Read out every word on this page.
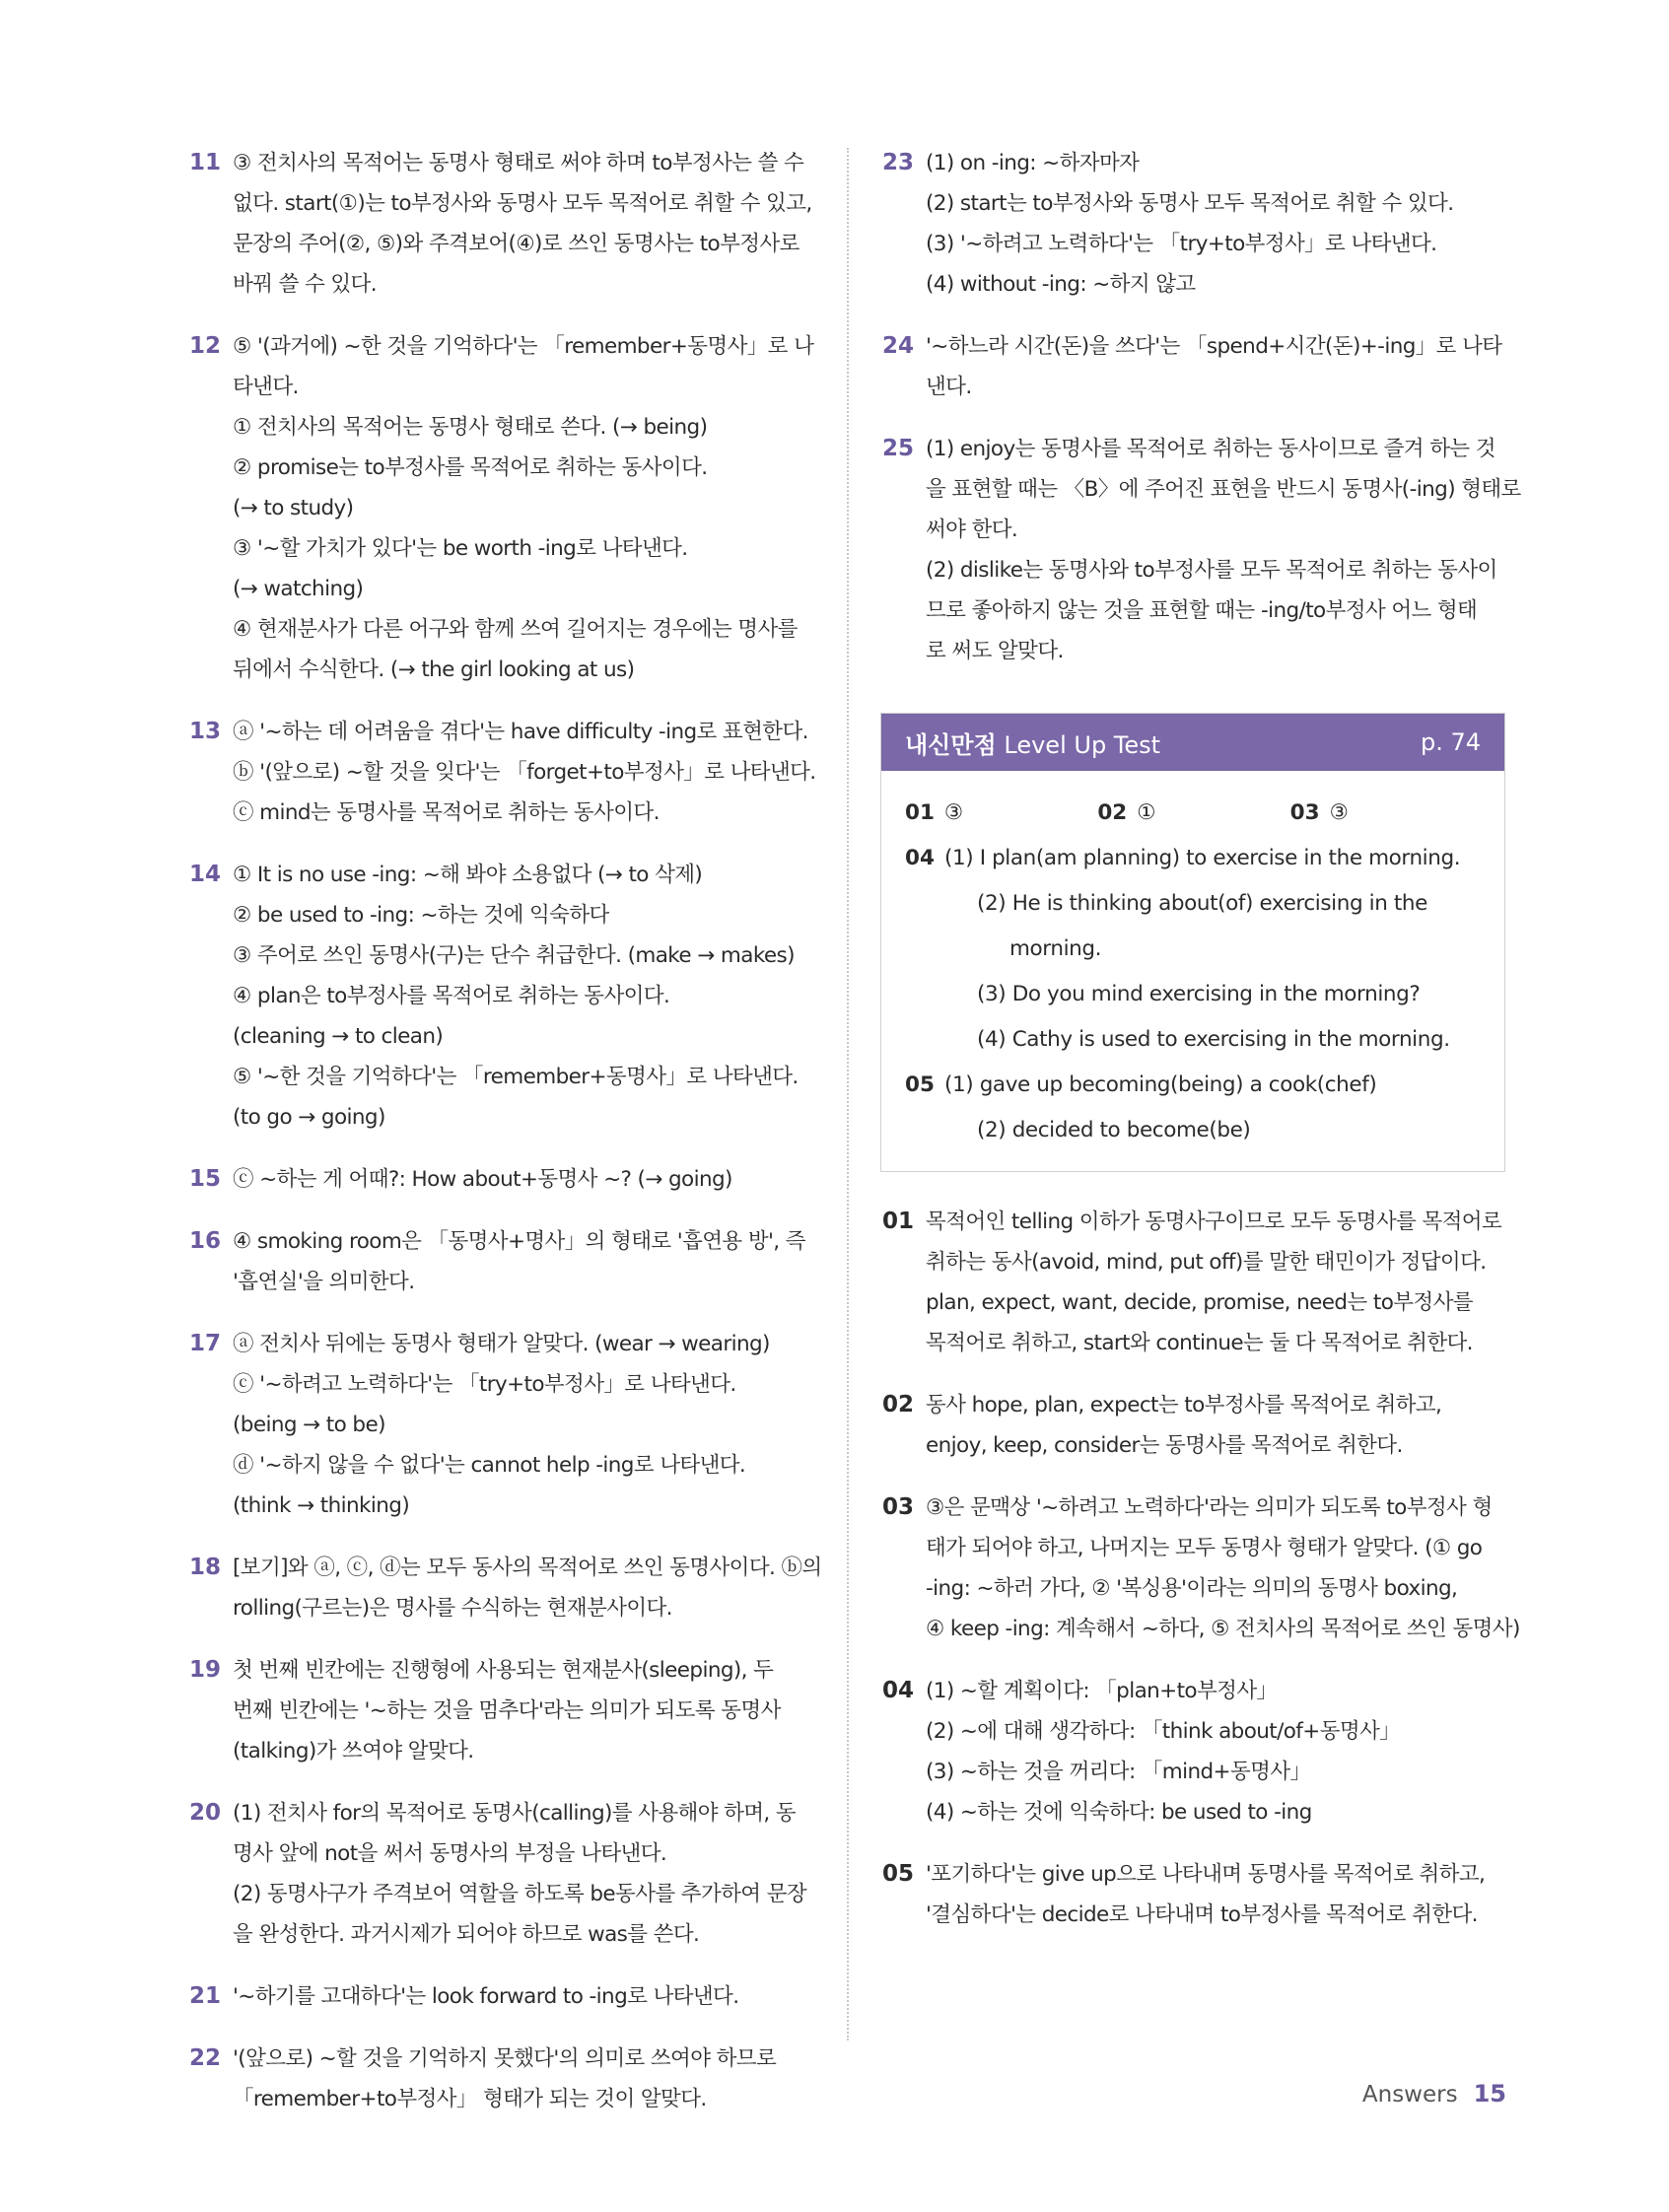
11 ③ 전치사의 목적어는 동명사 형태로 써야 하며 to부정사는 쓸 수
없다. start(①)는 to부정사와 동명사 모두 목적어로 취할 수 있고,
문장의 주어(②, ⑤)와 주격보어(④)로 쓰인 동명사는 to부정사로
바꿔 쓸 수 있다.
12 ⑤ '(과거에) ~한 것을 기억하다'는 「remember+동명사」로 나
타낸다.
① 전치사의 목적어는 동명사 형태로 쓴다. (→ being)
② promise는 to부정사를 목적어로 취하는 동사이다.
(→ to study)
③ '~할 가치가 있다'는 be worth -ing로 나타낸다.
(→ watching)
④ 현재분사가 다른 어구와 함께 쓰여 길어지는 경우에는 명사를
뒤에서 수식한다. (→ the girl looking at us)
13 ⓐ '~하는 데 어려움을 겪다'는 have difficulty -ing로 표현한다.
ⓑ '(앞으로) ~할 것을 잊다'는 「forget+to부정사」로 나타낸다.
ⓒ mind는 동명사를 목적어로 취하는 동사이다.
14 ① It is no use -ing: ~해 봐야 소용없다 (→ to 삭제)
② be used to -ing: ~하는 것에 익숙하다
③ 주어로 쓰인 동명사(구)는 단수 취급한다. (make → makes)
④ plan은 to부정사를 목적어로 취하는 동사이다.
(cleaning → to clean)
⑤ '~한 것을 기억하다'는 「remember+동명사」로 나타낸다.
(to go → going)
15 ⓒ ~하는 게 어때?: How about+동명사 ~? (→ going)
16 ④ smoking room은 「동명사+명사」의 형태로 '흡연용 방', 즉
'흡연실'을 의미한다.
17 ⓐ 전치사 뒤에는 동명사 형태가 알맞다. (wear → wearing)
ⓒ '~하려고 노력하다'는 「try+to부정사」로 나타낸다.
(being → to be)
ⓓ '~하지 않을 수 없다'는 cannot help -ing로 나타낸다.
(think → thinking)
18 [보기]와 ⓐ, ⓒ, ⓓ는 모두 동사의 목적어로 쓰인 동명사이다. ⓑ의
rolling(구르는)은 명사를 수식하는 현재분사이다.
19 첫 번째 빈칸에는 진행형에 사용되는 현재분사(sleeping), 두
번째 빈칸에는 '~하는 것을 멈추다'라는 의미가 되도록 동명사
(talking)가 쓰여야 알맞다.
20 (1) 전치사 for의 목적어로 동명사(calling)를 사용해야 하며, 동
명사 앞에 not을 써서 동명사의 부정을 나타낸다.
(2) 동명사구가 주격보어 역할을 하도록 be동사를 추가하여 문장
을 완성한다. 과거시제가 되어야 하므로 was를 쓴다.
21 '~하기를 고대하다'는 look forward to -ing로 나타낸다.
22 '(앞으로) ~할 것을 기억하지 못했다'의 의미로 쓰여야 하므로
「remember+to부정사」 형태가 되는 것이 알맞다.
23 (1) on -ing: ~하자마자
(2) start는 to부정사와 동명사 모두 목적어로 취할 수 있다.
(3) '~하려고 노력하다'는 「try+to부정사」로 나타낸다.
(4) without -ing: ~하지 않고
24 '~하느라 시간(돈)을 쓰다'는 「spend+시간(돈)+-ing」로 나타
낸다.
25 (1) enjoy는 동명사를 목적어로 취하는 동사이므로 즐겨 하는 것
을 표현할 때는 〈B〉에 주어진 표현을 반드시 동명사(-ing) 형태로
써야 한다.
(2) dislike는 동명사와 to부정사를 모두 목적어로 취하는 동사이
므로 좋아하지 않는 것을 표현할 때는 -ing/to부정사 어느 형태
로 써도 알맞다.
내신만점 Level Up Test	p. 74
01 ③	02 ①	03 ③
04 (1) I plan(am planning) to exercise in the morning.
(2) He is thinking about(of) exercising in the
morning.
(3) Do you mind exercising in the morning?
(4) Cathy is used to exercising in the morning.
05 (1) gave up becoming(being) a cook(chef)
(2) decided to become(be)
01 목적어인 telling 이하가 동명사구이므로 모두 동명사를 목적어로
취하는 동사(avoid, mind, put off)를 말한 태민이가 정답이다.
plan, expect, want, decide, promise, need는 to부정사를
목적어로 취하고, start와 continue는 둘 다 목적어로 취한다.
02 동사 hope, plan, expect는 to부정사를 목적어로 취하고,
enjoy, keep, consider는 동명사를 목적어로 취한다.
03 ③은 문맥상 '~하려고 노력하다'라는 의미가 되도록 to부정사 형
태가 되어야 하고, 나머지는 모두 동명사 형태가 알맞다. (① go
-ing: ~하러 가다, ② '복싱용'이라는 의미의 동명사 boxing,
④ keep -ing: 계속해서 ~하다, ⑤ 전치사의 목적어로 쓰인 동명사)
04 (1) ~할 계획이다: 「plan+to부정사」
(2) ~에 대해 생각하다: 「think about/of+동명사」
(3) ~하는 것을 꺼리다: 「mind+동명사」
(4) ~하는 것에 익숙하다: be used to -ing
05 '포기하다'는 give up으로 나타내며 동명사를 목적어로 취하고,
'결심하다'는 decide로 나타내며 to부정사를 목적어로 취한다.
Answers 15
